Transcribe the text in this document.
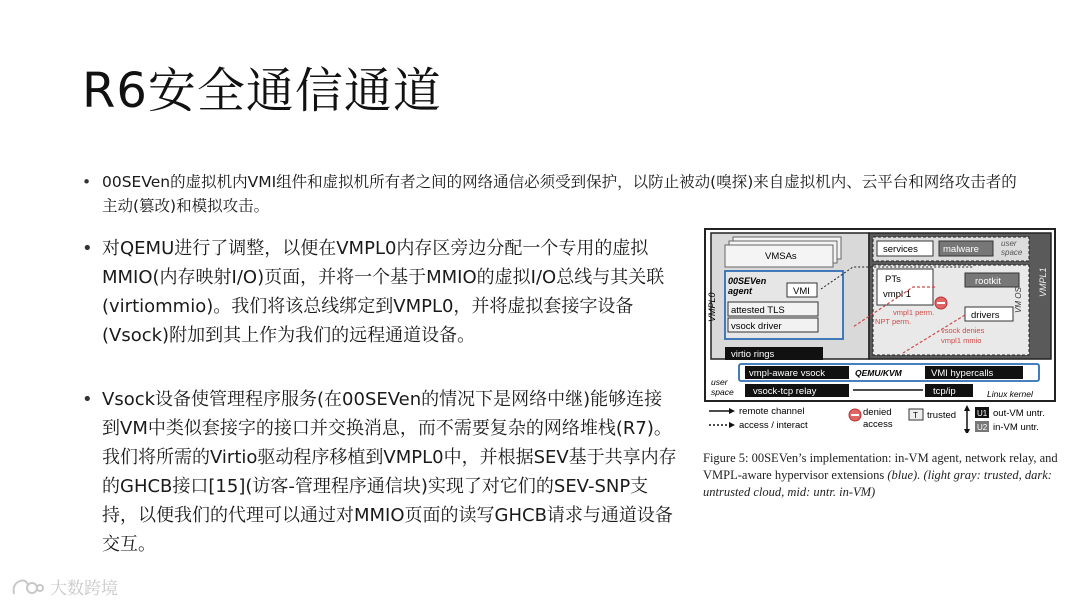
R6安全通信通道
• 00SEVen的虚拟机内VMI组件和虚拟机所有者之间的网络通信必须受到保护，以防止被动(嗅探)来自虚拟机内、云平台和网络攻击者的主动(篡改)和模拟攻击。
• 对QEMU进行了调整，以便在VMPL0内存区旁边分配一个专用的虚拟MMIO(内存映射I/O)页面，并将一个基于MMIO的虚拟I/O总线与其关联(virtiommio)。我们将该总线绑定到VMPL0，并将虚拟套接字设备(Vsock)附加到其上作为我们的远程通道设备。
• Vsock设备使管理程序服务(在00SEVen的情况下是网络中继)能够连接到VM中类似套接字的接口并交换消息，而不需要复杂的网络堆栈(R7)。我们将所需的Virtio驱动程序移植到VMPL0中，并根据SEV基于共享内存的GHCB接口[15](访客-管理程序通信块)实现了对它们的SEV-SNP支持，以便我们的代理可以通过对MMIO页面的读写GHCB请求与通道设备交互。
VMPL0
VMSAs
00SEVen
agent	VMI
attested TLS
vsock driver
virtio rings
VMPL1
services	malware
user space
PTs
vmpl 1
rootkit
VM OS
drivers
NPT perm.
vmpl1 perm.
vsock denies
vmpl1 mmio
vmpl-aware vsock	QEMU/KVM	VMI hypercalls
user
space vsock-tcp relay	tcp/ip	Linux kernel
remote channel
access / interact
denied
access
T trusted	U1 out-VM untr.
U2 in-VM untr.
Figure 5: 00SEVen’s implementation: in-VM agent, network relay, and VMPL-aware hypervisor extensions (blue). (light gray: trusted, dark: untrusted cloud, mid: untr. in-VM)
大数跨境
